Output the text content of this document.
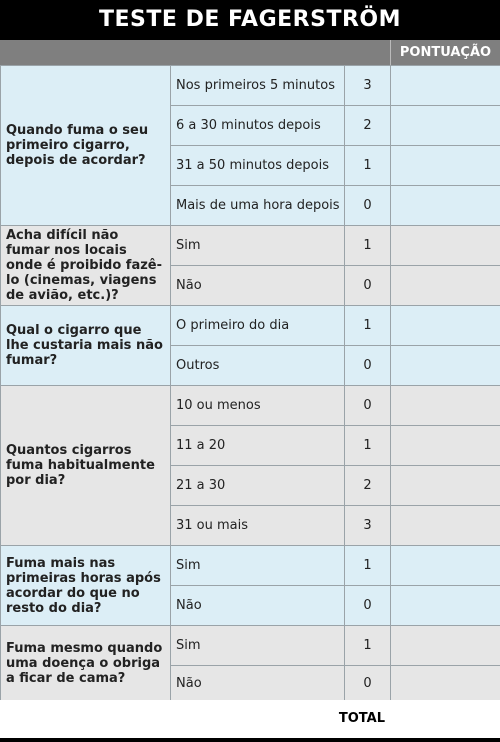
TESTE DE FAGERSTRÖM
PONTUAÇÃO
Quando fuma o seu primeiro cigarro, depois de acordar?	Nos primeiros 5 minutos	3	
	6 a 30 minutos depois	2	
	31 a 50 minutos depois	1	
	Mais de uma hora depois	0	
Acha difícil não fumar nos locais onde é proibido fazê-lo (cinemas, viagens de avião, etc.)?	Sim	1	
	Não	0	
Qual o cigarro que lhe custaria mais não fumar?	O primeiro do dia	1	
	Outros	0	
Quantos cigarros fuma habitualmente por dia?	10 ou menos	0	
	11 a 20	1	
	21 a 30	2	
	31 ou mais	3	
Fuma mais nas primeiras horas após acordar do que no resto do dia?	Sim	1	
	Não	0	
Fuma mesmo quando uma doença o obriga a ficar de cama?	Sim	1	
	Não	0	
TOTAL
